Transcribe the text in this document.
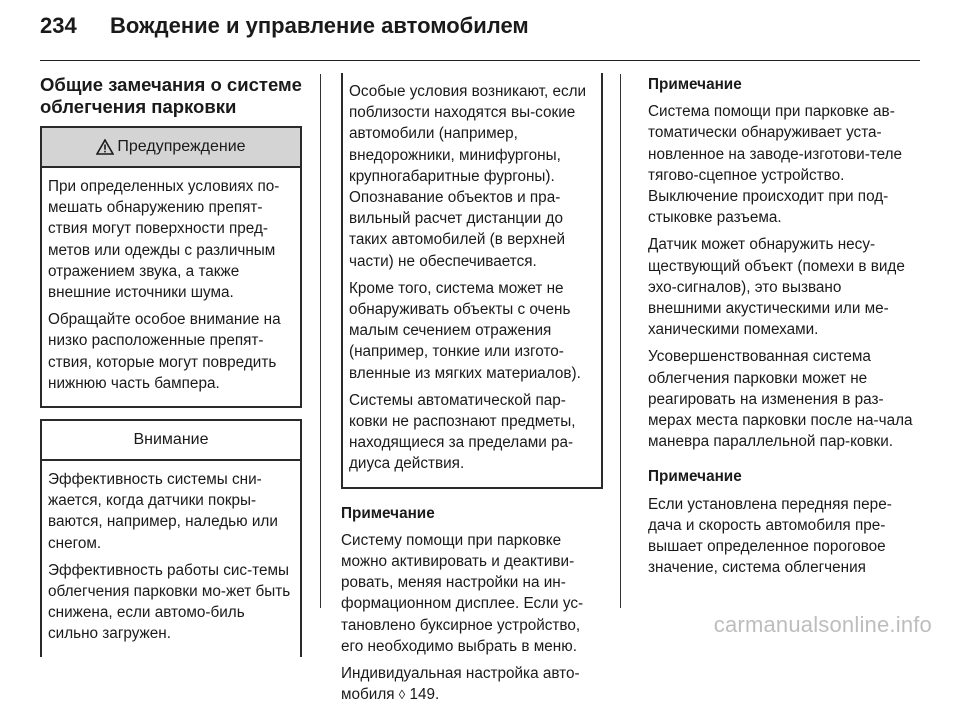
234 Вождение и управление автомобилем
Общие замечания о системе облегчения парковки
Предупреждение

При определенных условиях по-мешать обнаружению препят-ствия могут поверхности пред-метов или одежды с различным отражением звука, а также внешние источники шума.

Обращайте особое внимание на низко расположенные препят-ствия, которые могут повредить нижнюю часть бампера.

Внимание

Эффективность системы сни-жается, когда датчики покры-ваются, например, наледью или снегом.

Эффективность работы сис-темы облегчения парковки мо-жет быть снижена, если автомо-биль сильно загружен.

Особые условия возникают, если поблизости находятся вы-сокие автомобили (например, внедорожники, минифургоны, крупногабаритные фургоны). Опознавание объектов и пра-вильный расчет дистанции до таких автомобилей (в верхней части) не обеспечивается.

Кроме того, система может не обнаруживать объекты с очень малым сечением отражения (например, тонкие или изгото-вленные из мягких материалов).

Системы автоматической пар-ковки не распознают предметы, находящиеся за пределами ра-диуса действия.

Примечание

Систему помощи при парковке можно активировать и деактиви-ровать, меняя настройки на ин-формационном дисплее. Если ус-тановлено буксирное устройство, его необходимо выбрать в меню.

Индивидуальная настройка авто-мобиля ◊ 149.

Примечание

Система помощи при парковке ав-томатически обнаруживает уста-новленное на заводе-изготови-теле тягово-сцепное устройство. Выключение происходит при под-стыковке разъема.

Датчик может обнаружить несу-ществующий объект (помехи в виде эхо-сигналов), это вызвано внешними акустическими или ме-ханическими помехами.

Усовершенствованная система облегчения парковки может не реагировать на изменения в раз-мерах места парковки после на-чала маневра параллельной пар-ковки.

Примечание

Если установлена передняя пере-дача и скорость автомобиля пре-вышает определенное пороговое значение, система облегчения

carmanualsonline.info
